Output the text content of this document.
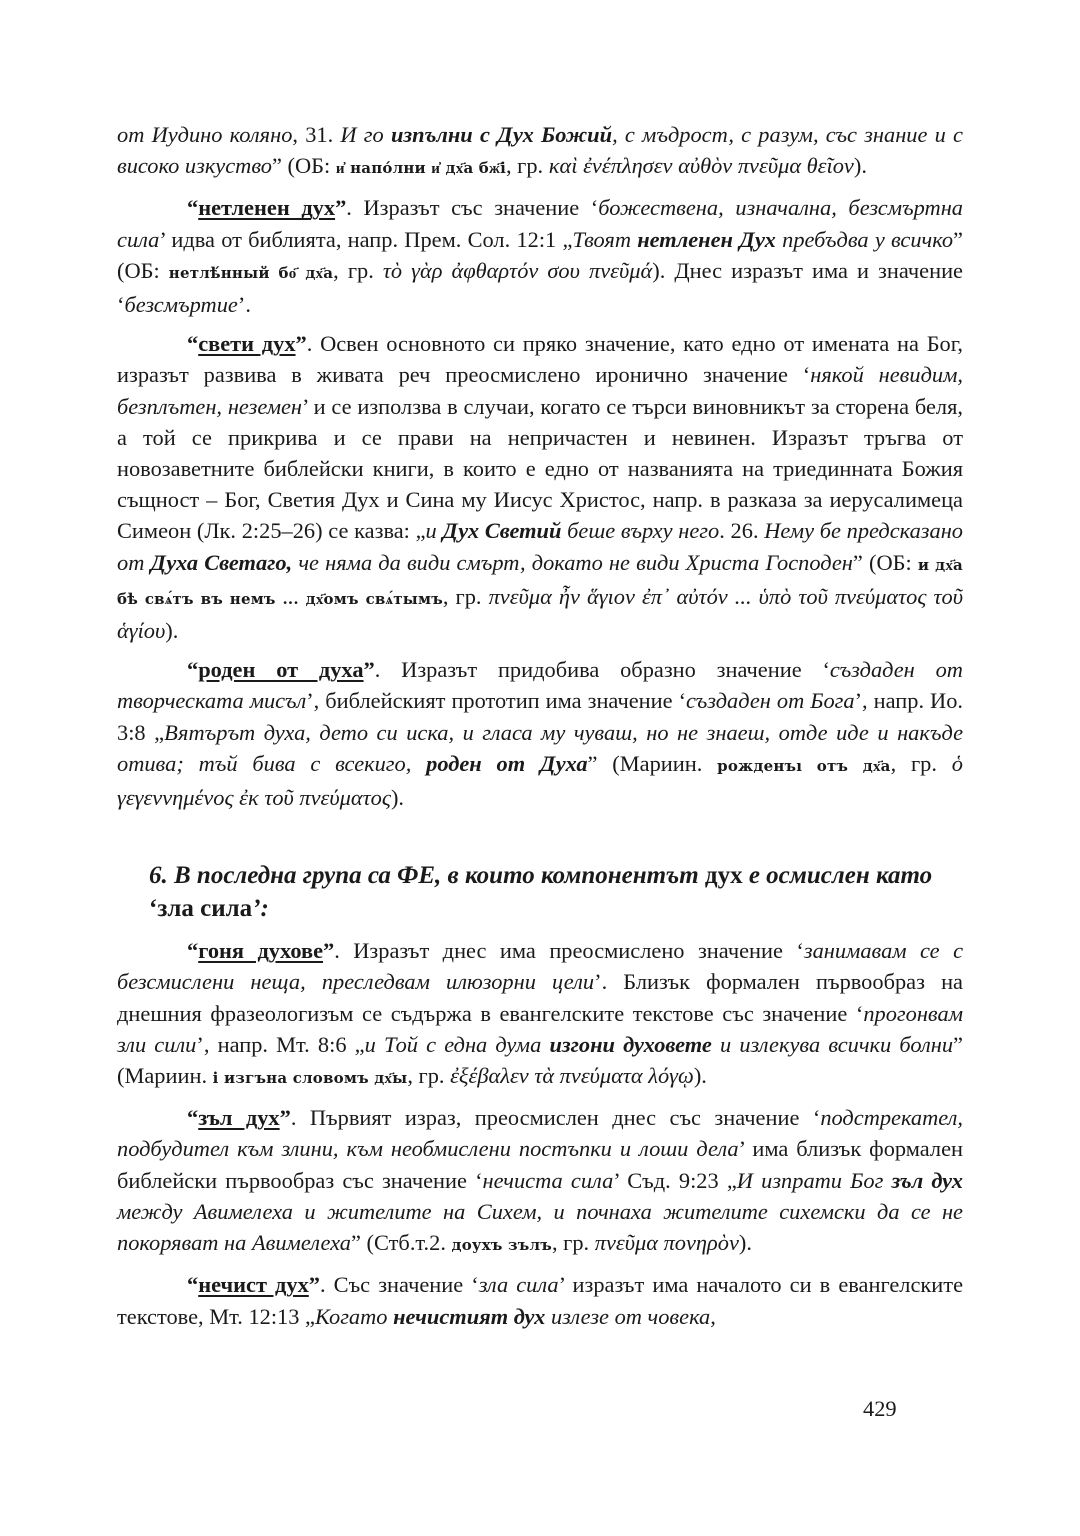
от Иудино коляно, 31. И го изпълни с Дух Божий, с мъдрост, с разум, със знание и с високо изкуство” (ОБ: и҆ напо́лни и҆ дх҃а бж҃і, гр. καὶ ἐνέπλησεν αὐθὸν πνεῦμα θεῖον).

“нетленен дух”. Изразът със значение ‘божествена, изначална, безсмъртна сила’ идва от библията, напр. Прем. Сол. 12:1 „Твоят нетленен Дух пребъдва у всичко” (ОБ: нетлѣ́нный бо҃ дх҃а, гр. τὸ γὰρ ἀφθαρτόν σου πνεῦμά). Днес изразът има и значение ‘безсмъртие’.

“свети дух”. Освен основното си пряко значение, като едно от имената на Бог, изразът развива в живата реч преосмислено иронично значение ‘някой невидим, безплътен, неземен’ и се използва в случаи, когато се търси виновникът за сторена беля, а той се прикрива и се прави на непричастен и невинен. Изразът тръгва от новозаветните библейски книги, в които е едно от названията на триединната Божия същност – Бог, Светия Дух и Сина му Иисус Христос, напр. в разказа за иерусалимеца Симеон (Лк. 2:25–26) се казва: „и Дух Светий беше върху него. 26. Нему бе предсказано от Духа Светаго, че няма да види смърт, докато не види Христа Господен” (ОБ: и дх҃а бѣ свѧ́тъ въ немъ ... дх҃омъ свѧ́тымъ, гр. πνεῦμα ἦν ἅγιον ἐπ᾽ αὐτόν ... ὑπὸ τοῦ πνεύματος τοῦ ἁγίου).

“роден от духа”. Изразът придобива образно значение ‘създаден от творческата мисъл’, библейският прототип има значение ‘създаден от Бога’, напр. Ио. 3:8 „Вятърът духа, дето си иска, и гласа му чуваш, но не знаеш, отде иде и накъде отива; тъй бива с всекиго, роден от Духа” (Мариин. рожденъı отъ дх҃а, гр. ὁ γεγεννημένος ἐκ τοῦ πνεύματος).

6. В последна група са ФЕ, в които компонентът дух е осмислен като ‘зла сила’:

“гоня духове”. Изразът днес има преосмислено значение ‘занимавам се с безсмислени неща, преследвам илюзорни цели’. Близък формален първообраз на днешния фразеологизъм се съдържа в евангелските текстове със значение ‘прогонвам зли сили’, напр. Мт. 8:6 „и Той с една дума изгони духовете и излекува всички болни” (Мариин. і изгъна словомъ дх҃ы, гр. ἐξέβαλεν τὰ πνεύματα λόγῳ).

“зъл дух”. Първият израз, преосмислен днес със значение ‘подстрекател, подбудител към злини, към необмислени постъпки и лоши дела’ има близък формален библейски първообраз със значение ‘нечиста сила’ Съд. 9:23 „И изпрати Бог зъл дух между Авимелеха и жителите на Сихем, и почнаха жителите сихемски да се не покоряват на Авимелеха” (Стб.т.2. доухъ зълъ, гр. πνεῦμα πονηρὸν).

“нечист дух”. Със значение ‘зла сила’ изразът има началото си в евангелските текстове, Мт. 12:13 „Когато нечистият дух излезе от човека,

429
